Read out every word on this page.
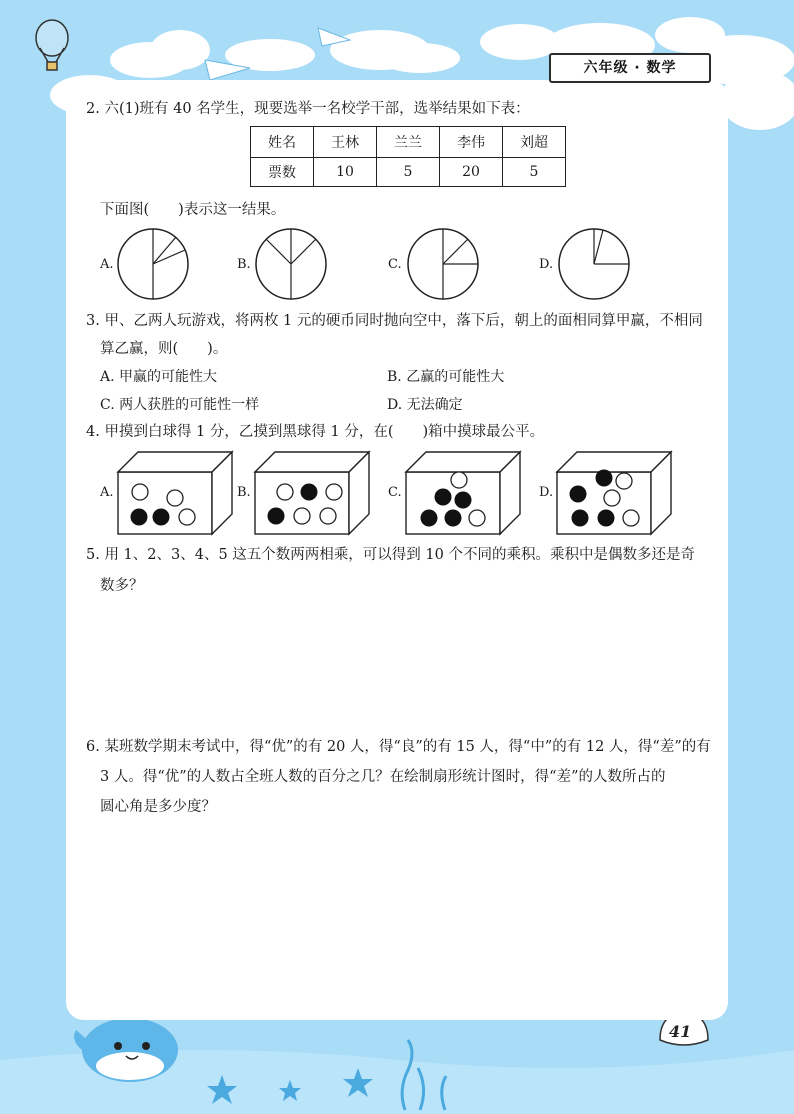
六年级 · 数学
2. 六(1)班有 40 名学生，现要选举一名校学干部，选举结果如下表：
姓名	王林	兰兰	李伟	刘超
票数	10	5	20	5
下面图(　　)表示这一结果。
A.	B.	C.	D.
3. 甲、乙两人玩游戏，将两枚 1 元的硬币同时抛向空中，落下后，朝上的面相同算甲赢，不相同
算乙赢，则(　　)。
A. 甲赢的可能性大	B. 乙赢的可能性大
C. 两人获胜的可能性一样	D. 无法确定
4. 甲摸到白球得 1 分，乙摸到黑球得 1 分，在(　　)箱中摸球最公平。
A.	B.	C.	D.
5. 用 1、2、3、4、5 这五个数两两相乘，可以得到 10 个不同的乘积。乘积中是偶数多还是奇
数多？
6. 某班数学期末考试中，得“优”的有 20 人，得“良”的有 15 人，得“中”的有 12 人，得“差”的有
3 人。得“优”的人数占全班人数的百分之几？在绘制扇形统计图时，得“差”的人数所占的
圆心角是多少度？
41
